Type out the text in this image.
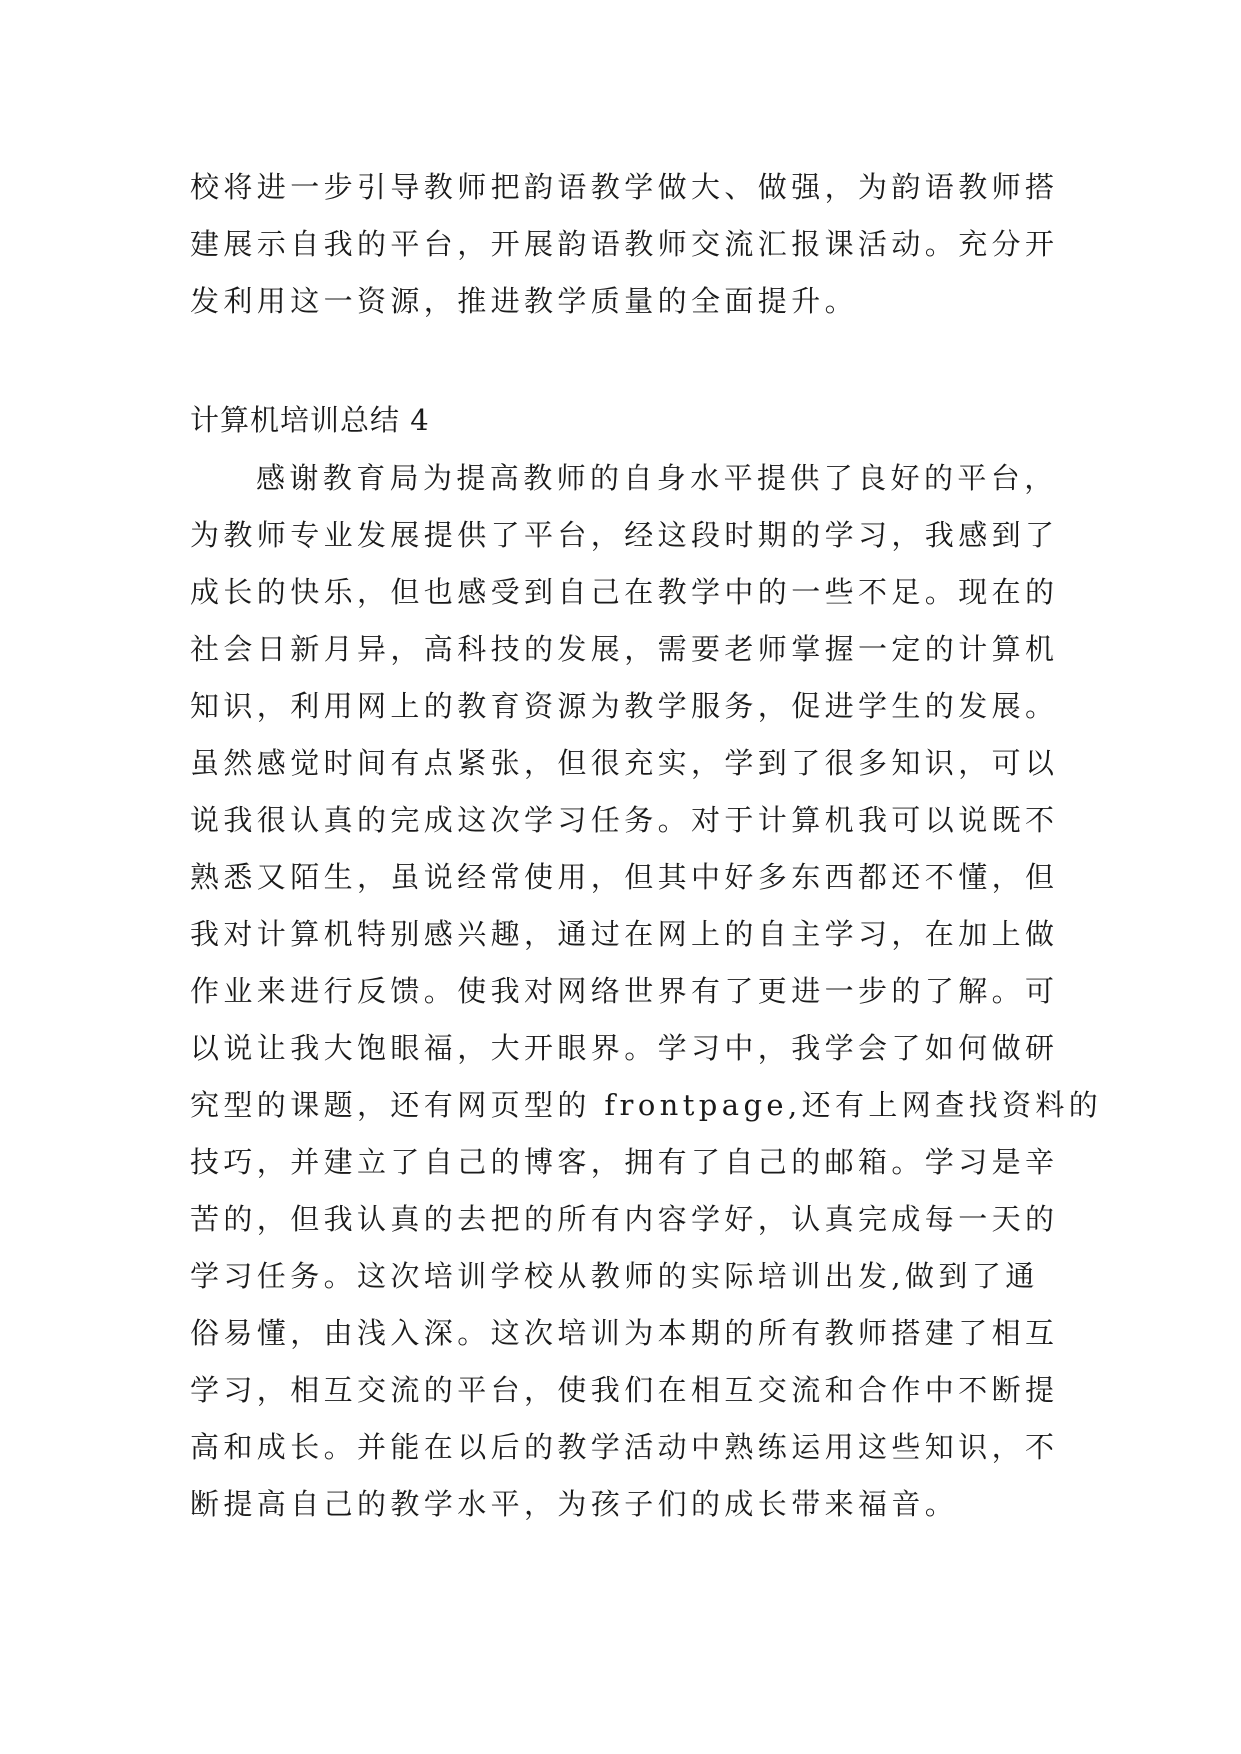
校将进一步引导教师把韵语教学做大、做强，为韵语教师搭
建展示自我的平台，开展韵语教师交流汇报课活动。充分开
发利用这一资源，推进教学质量的全面提升。
计算机培训总结 4
感谢教育局为提高教师的自身水平提供了良好的平台，
为教师专业发展提供了平台，经这段时期的学习，我感到了
成长的快乐，但也感受到自己在教学中的一些不足。现在的
社会日新月异，高科技的发展，需要老师掌握一定的计算机
知识，利用网上的教育资源为教学服务，促进学生的发展。
虽然感觉时间有点紧张，但很充实，学到了很多知识，可以
说我很认真的完成这次学习任务。对于计算机我可以说既不
熟悉又陌生，虽说经常使用，但其中好多东西都还不懂，但
我对计算机特别感兴趣，通过在网上的自主学习，在加上做
作业来进行反馈。使我对网络世界有了更进一步的了解。可
以说让我大饱眼福，大开眼界。学习中，我学会了如何做研
究型的课题，还有网页型的 frontpage,还有上网查找资料的
技巧，并建立了自己的博客，拥有了自己的邮箱。学习是辛
苦的，但我认真的去把的所有内容学好，认真完成每一天的
学习任务。这次培训学校从教师的实际培训出发,做到了通
俗易懂，由浅入深。这次培训为本期的所有教师搭建了相互
学习，相互交流的平台，使我们在相互交流和合作中不断提
高和成长。并能在以后的教学活动中熟练运用这些知识，不
断提高自己的教学水平，为孩子们的成长带来福音。
